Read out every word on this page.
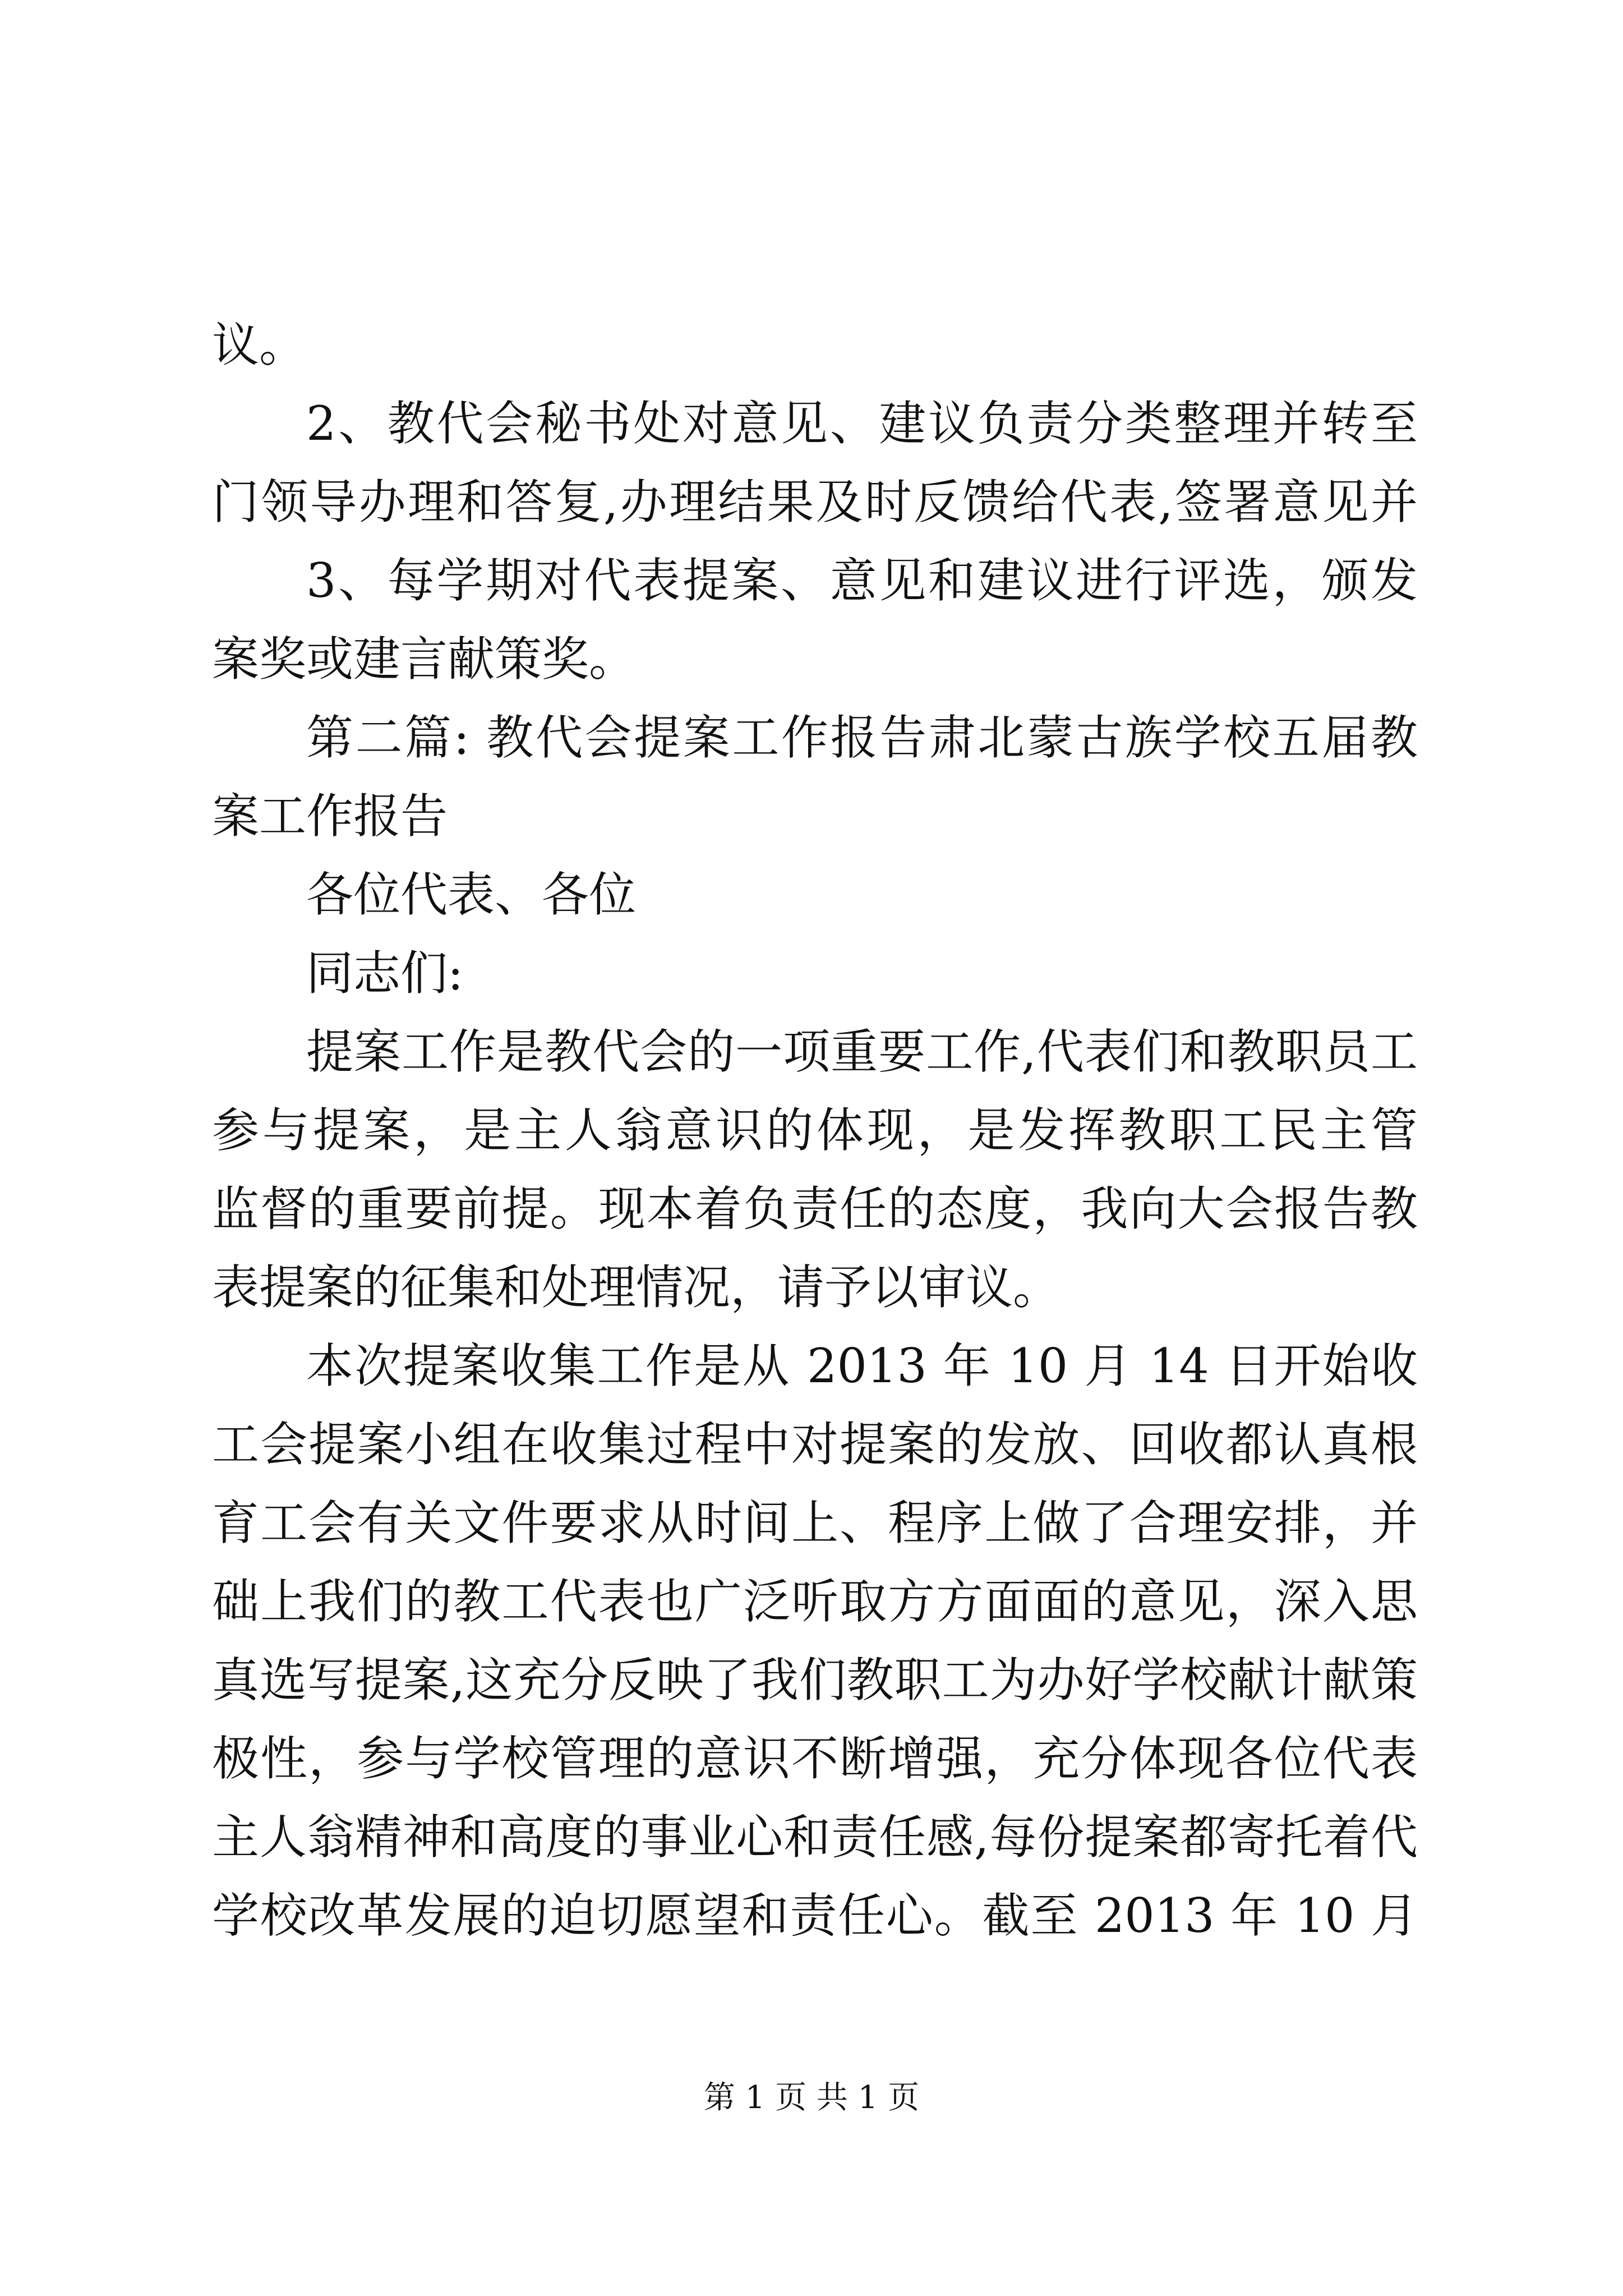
议。
2、教代会秘书处对意见、建议负责分类整理并转至
门领导办理和答复,办理结果及时反馈给代表,签署意见并
3、每学期对代表提案、意见和建议进行评选，颁发
案奖或建言献策奖。
第二篇: 教代会提案工作报告肃北蒙古族学校五届教
案工作报告
各位代表、各位
同志们:
提案工作是教代会的一项重要工作,代表们和教职员工
参与提案，是主人翁意识的体现，是发挥教职工民主管
监督的重要前提。现本着负责任的态度，我向大会报告教
表提案的征集和处理情况，请予以审议。
本次提案收集工作是从 2013 年 10 月 14 日开始收
工会提案小组在收集过程中对提案的发放、回收都认真根
育工会有关文件要求从时间上、程序上做了合理安排，并
础上我们的教工代表也广泛听取方方面面的意见，深入思
真选写提案,这充分反映了我们教职工为办好学校献计献策
极性，参与学校管理的意识不断增强，充分体现各位代表
主人翁精神和高度的事业心和责任感,每份提案都寄托着代
学校改革发展的迫切愿望和责任心。截至 2013 年 10 月
第 1 页 共 1 页
